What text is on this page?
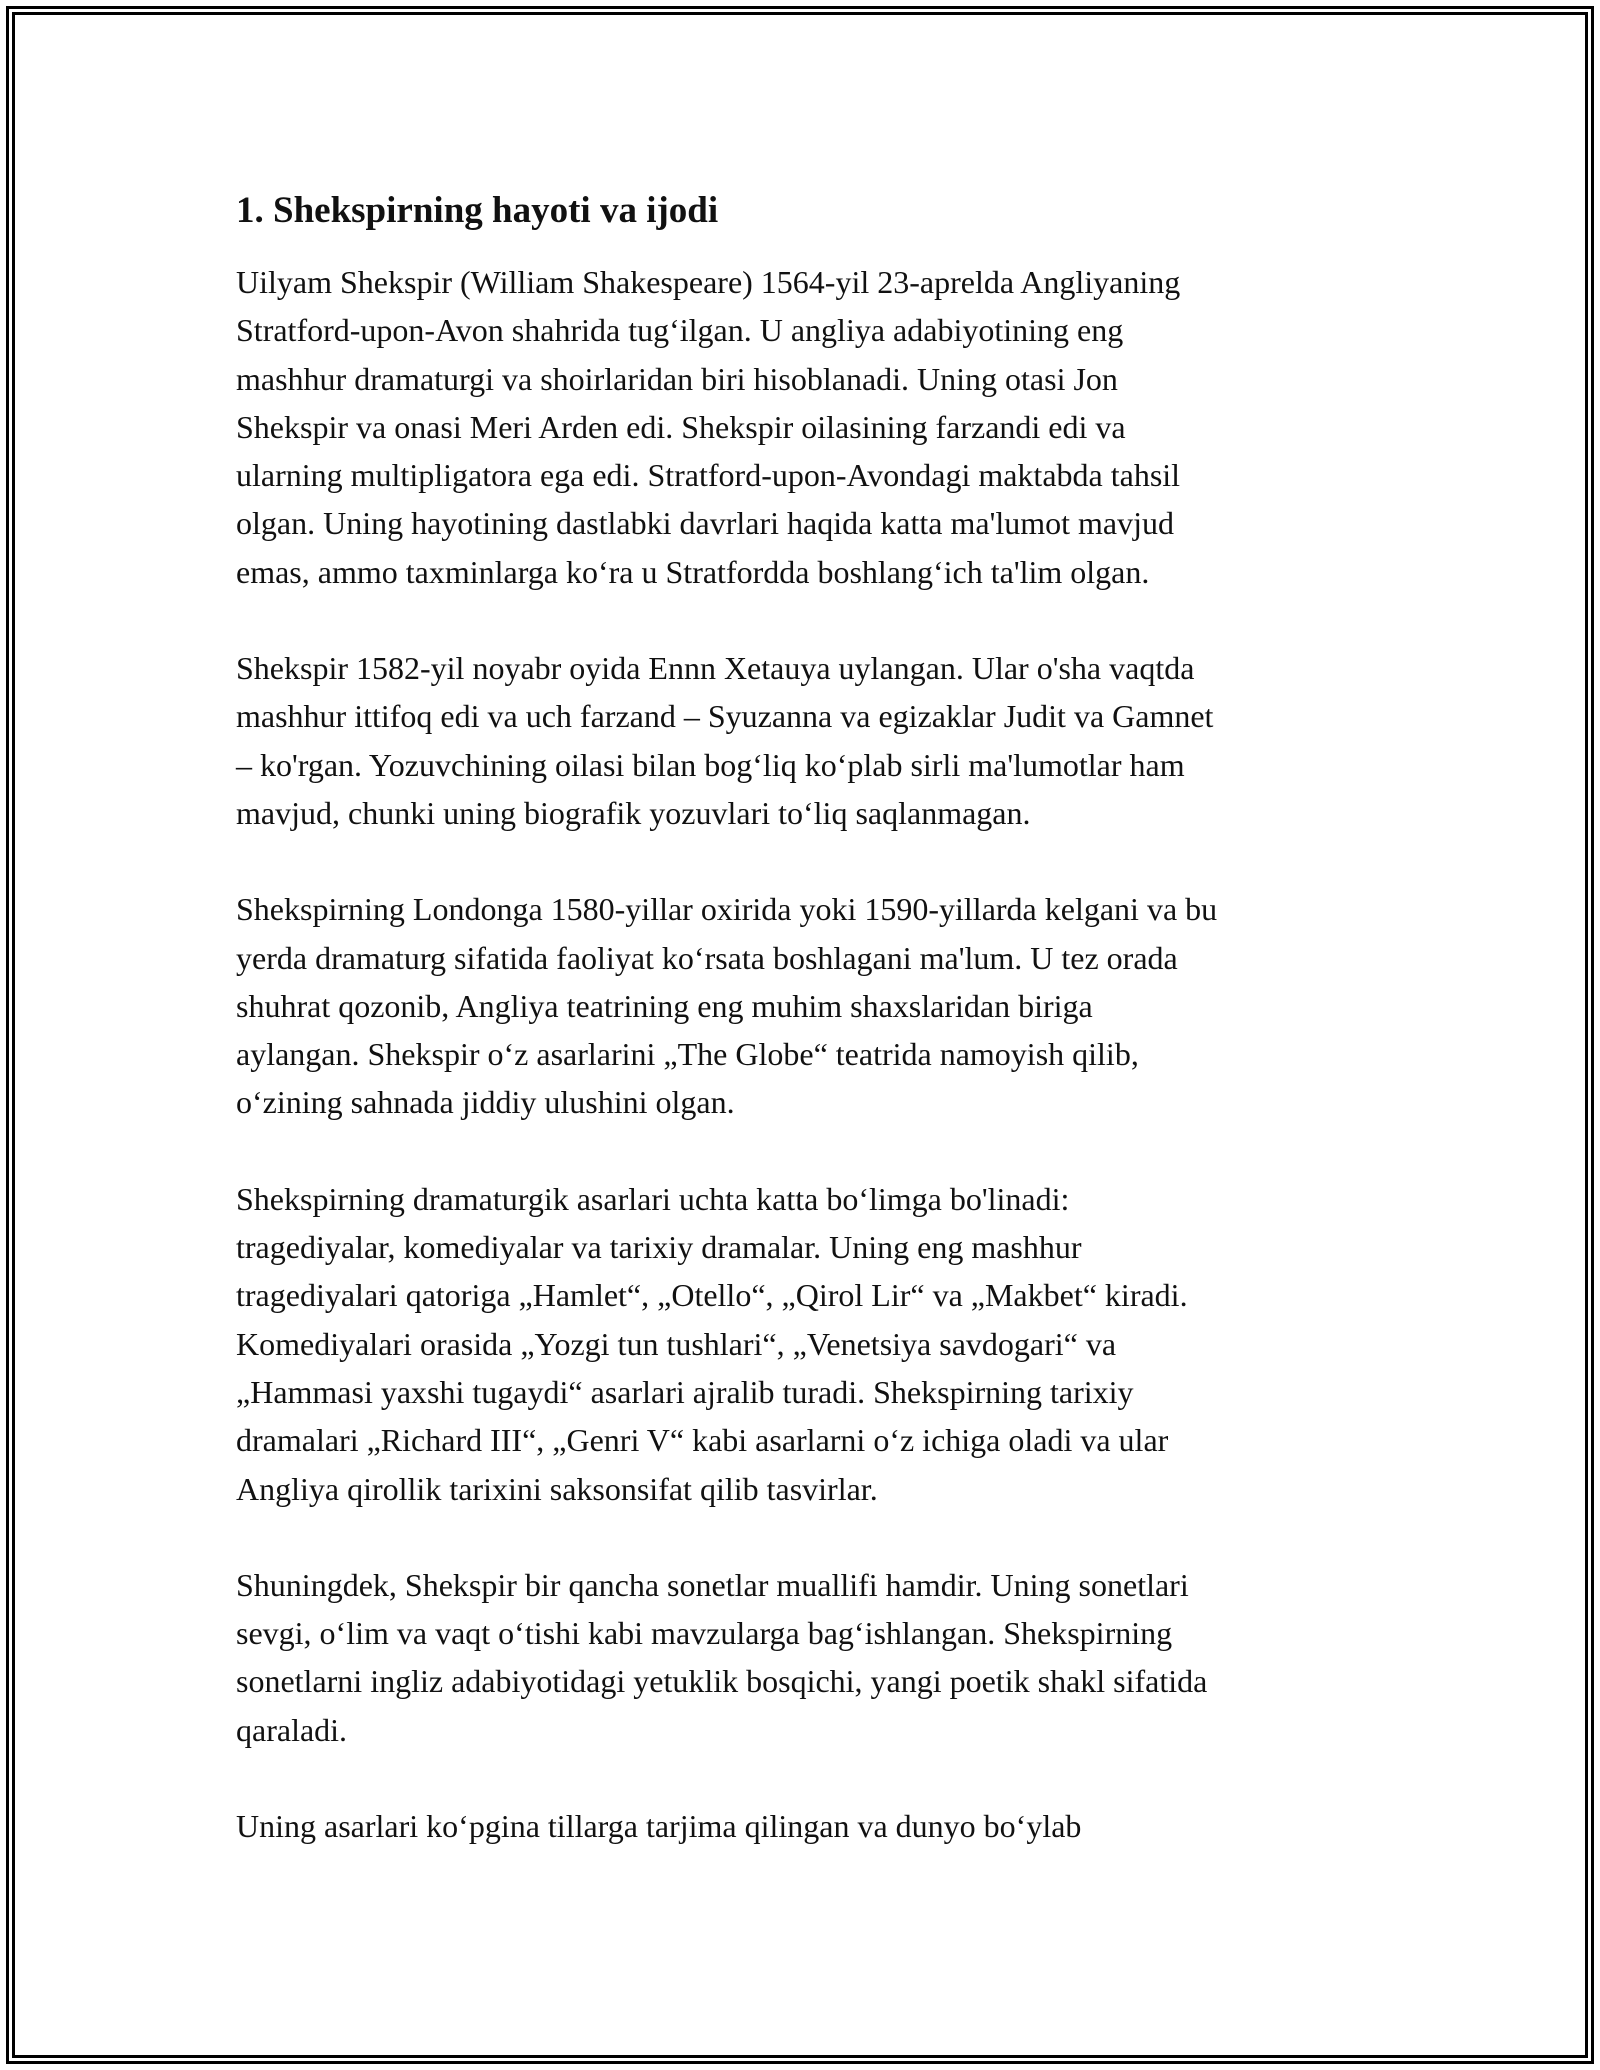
1. Shekspirning hayoti va ijodi

Uilyam Shekspir (William Shakespeare) 1564-yil 23-aprelda Angliyaning
Stratford-upon-Avon shahrida tug‘ilgan. U angliya adabiyotining eng
mashhur dramaturgi va shoirlaridan biri hisoblanadi. Uning otasi Jon
Shekspir va onasi Meri Arden edi. Shekspir oilasining farzandi edi va
ularning multipligatora ega edi. Stratford-upon-Avondagi maktabda tahsil
olgan. Uning hayotining dastlabki davrlari haqida katta ma'lumot mavjud
emas, ammo taxminlarga ko‘ra u Stratfordda boshlang‘ich ta'lim olgan.

Shekspir 1582-yil noyabr oyida Ennn Xetauya uylangan. Ular o'sha vaqtda
mashhur ittifoq edi va uch farzand – Syuzanna va egizaklar Judit va Gamnet
– ko'rgan. Yozuvchining oilasi bilan bog‘liq ko‘plab sirli ma'lumotlar ham
mavjud, chunki uning biografik yozuvlari to‘liq saqlanmagan.

Shekspirning Londonga 1580-yillar oxirida yoki 1590-yillarda kelgani va bu
yerda dramaturg sifatida faoliyat ko‘rsata boshlagani ma'lum. U tez orada
shuhrat qozonib, Angliya teatrining eng muhim shaxslaridan biriga
aylangan. Shekspir o‘z asarlarini „The Globe“ teatrida namoyish qilib,
o‘zining sahnada jiddiy ulushini olgan.

Shekspirning dramaturgik asarlari uchta katta bo‘limga bo'linadi:
tragediyalar, komediyalar va tarixiy dramalar. Uning eng mashhur
tragediyalari qatoriga „Hamlet“, „Otello“, „Qirol Lir“ va „Makbet“ kiradi.
Komediyalari orasida „Yozgi tun tushlari“, „Venetsiya savdogari“ va
„Hammasi yaxshi tugaydi“ asarlari ajralib turadi. Shekspirning tarixiy
dramalari „Richard III“, „Genri V“ kabi asarlarni o‘z ichiga oladi va ular
Angliya qirollik tarixini saksonsifat qilib tasvirlar.

Shuningdek, Shekspir bir qancha sonetlar muallifi hamdir. Uning sonetlari
sevgi, o‘lim va vaqt o‘tishi kabi mavzularga bag‘ishlangan. Shekspirning
sonetlarni ingliz adabiyotidagi yetuklik bosqichi, yangi poetik shakl sifatida
qaraladi.

Uning asarlari ko‘pgina tillarga tarjima qilingan va dunyo bo‘ylab
